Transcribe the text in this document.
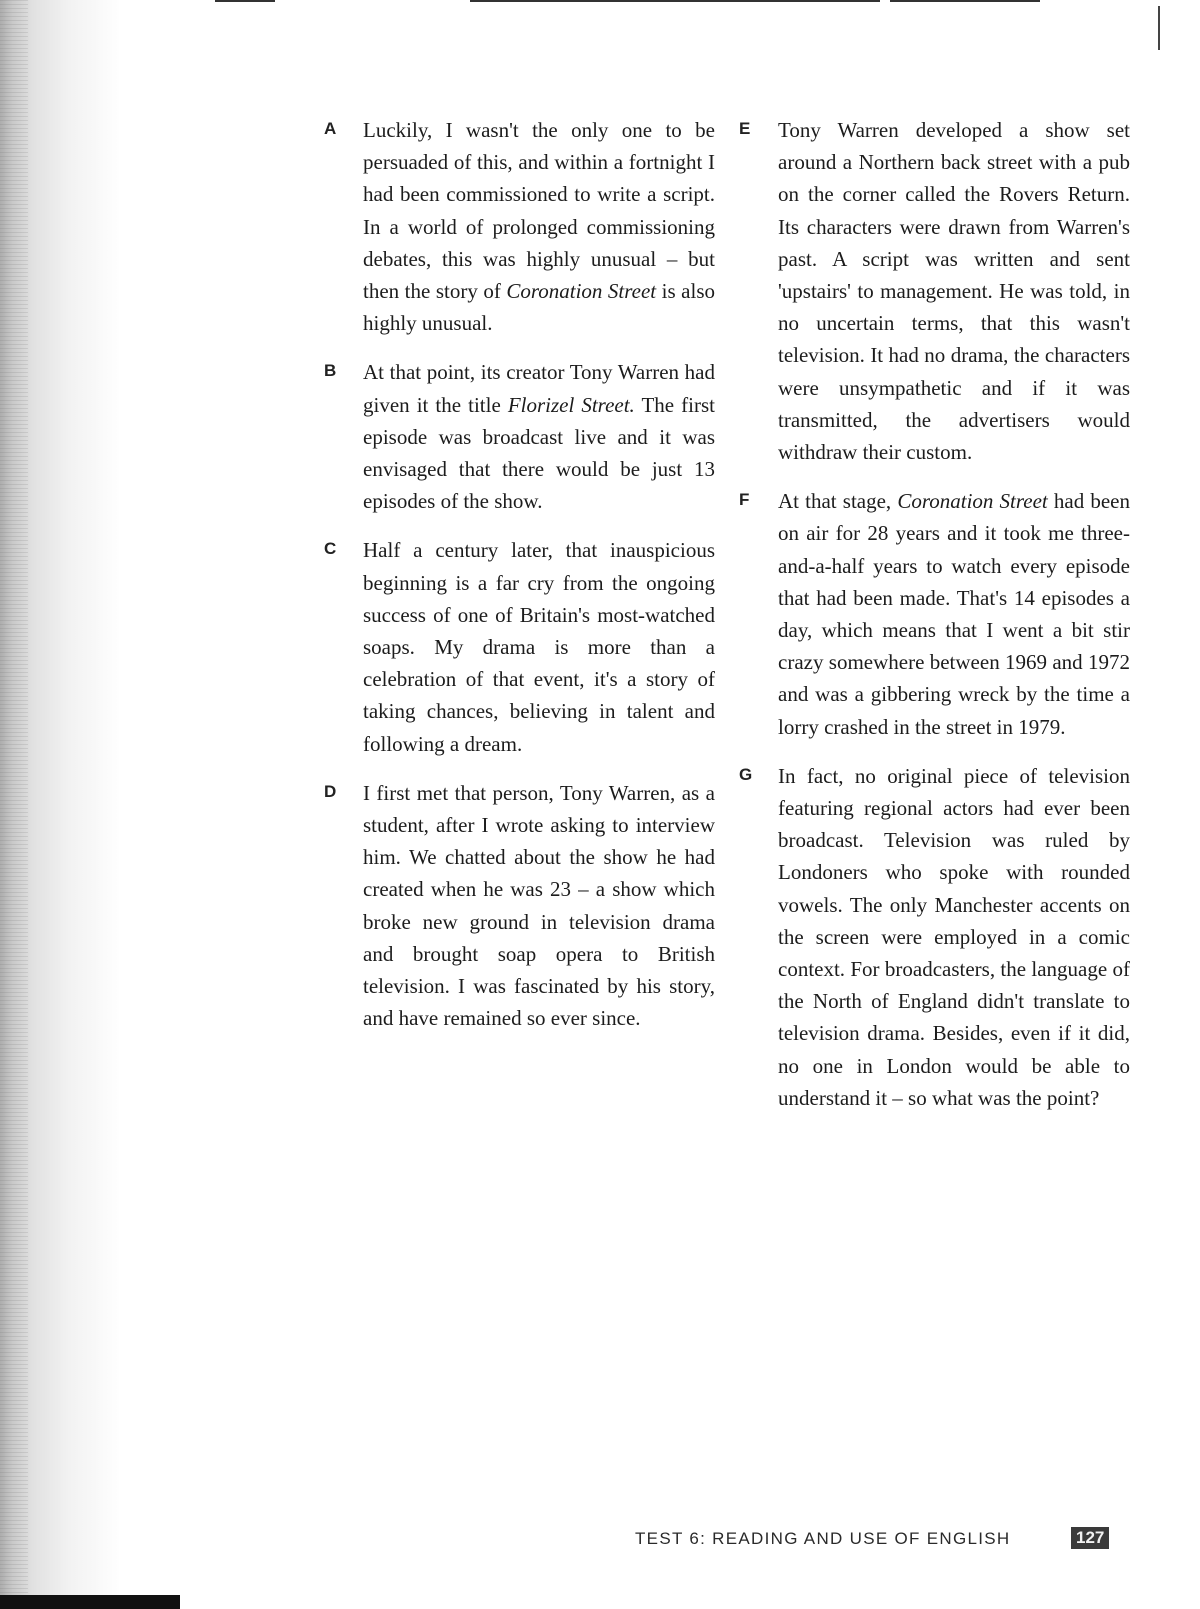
A Luckily, I wasn't the only one to be persuaded of this, and within a fortnight I had been commissioned to write a script. In a world of prolonged commissioning debates, this was highly unusual – but then the story of Coronation Street is also highly unusual.
B At that point, its creator Tony Warren had given it the title Florizel Street. The first episode was broadcast live and it was envisaged that there would be just 13 episodes of the show.
C Half a century later, that inauspicious beginning is a far cry from the ongoing success of one of Britain's most-watched soaps. My drama is more than a celebration of that event, it's a story of taking chances, believing in talent and following a dream.
D I first met that person, Tony Warren, as a student, after I wrote asking to interview him. We chatted about the show he had created when he was 23 – a show which broke new ground in television drama and brought soap opera to British television. I was fascinated by his story, and have remained so ever since.
E Tony Warren developed a show set around a Northern back street with a pub on the corner called the Rovers Return. Its characters were drawn from Warren's past. A script was written and sent 'upstairs' to management. He was told, in no uncertain terms, that this wasn't television. It had no drama, the characters were unsympathetic and if it was transmitted, the advertisers would withdraw their custom.
F At that stage, Coronation Street had been on air for 28 years and it took me three-and-a-half years to watch every episode that had been made. That's 14 episodes a day, which means that I went a bit stir crazy somewhere between 1969 and 1972 and was a gibbering wreck by the time a lorry crashed in the street in 1979.
G In fact, no original piece of television featuring regional actors had ever been broadcast. Television was ruled by Londoners who spoke with rounded vowels. The only Manchester accents on the screen were employed in a comic context. For broadcasters, the language of the North of England didn't translate to television drama. Besides, even if it did, no one in London would be able to understand it – so what was the point?
TEST 6: READING AND USE OF ENGLISH	127
